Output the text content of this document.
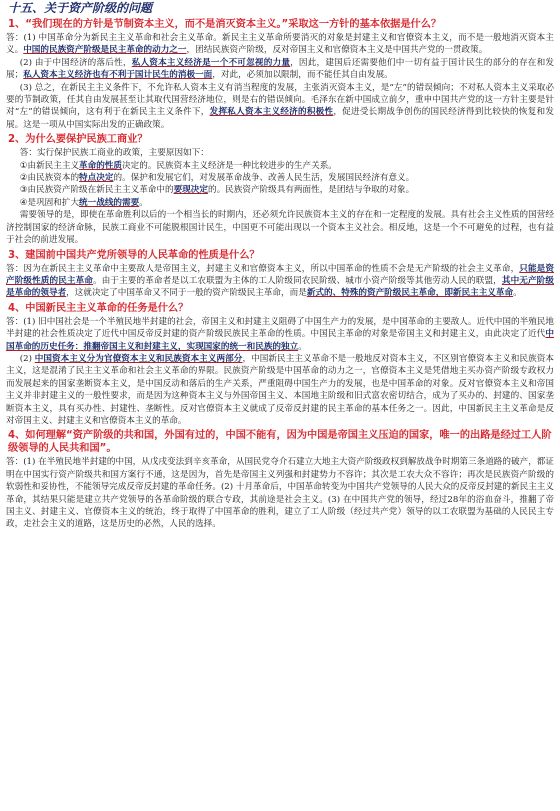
十五、关于资产阶级的问题
1、“我们现在的方针是节制资本主义，而不是消灭资本主义。”采取这一方针的基本依据是什么？

答：(1) 中国革命分为新民主主义革命和社会主义革命。新民主主义革命所要消灭的对象是封建主义和官僚资本主义，而不是一般地消灭资本主义。中国的民族资产阶级是民主革命的动力之一，团结民族资产阶级，反对帝国主义和官僚资本主义是中国共产党的一贯政策。

(2) 由于中国经济的落后性，私人资本主义经济是一个不可忽视的力量，因此，建国后还需要他们中一切有益于国计民生的部分的存在和发展；私人资本主义经济也有不利于国计民生的消极一面，对此，必须加以限制，而不能任其自由发展。

(3) 总之，在新民主主义条件下，不允许私人资本主义有消当程度的发展，主张消灭资本主义，是“左”的错误倾向；不对私人资本主义采取必要的节制政策，任其自由发展甚至让其取代国营经济地位，则是右的错误倾向。毛泽东在新中国成立前夕，重申中国共产党的这一方针主要是针对“左”的错误倾向，这有利于在新民主主义条件下，发挥私人资本主义经济的积极性，促进受长期战争创伤的国民经济得到比较快的恢复和发展。这是一项从中国实际出发的正确政策。

2、为什么要保护民族工商业？

答：实行保护民族工商业的政策，主要原因如下：

①由新民主主义革命的性质决定的。民族资本主义经济是一种比较进步的生产关系。

②由民族资本的特点决定的。保护和发展它们，对发展革命战争、改善人民生活，发展国民经济有意义。

③由民族资产阶级在新民主主义革命中的要现决定的。民族资产阶级具有两面性，是团结与争取的对象。

④是巩固和扩大统一战线的需要。

需要领导的是，即使在革命胜利以后的一个相当长的时期内，还必须允许民族资本主义的存在和一定程度的发展。具有社会主义性质的国营经济控制国家的经济命脉，民族工商业不可能脱根国计民生，中国更不可能出现以一个资本主义社会。相反地，这是一个不可避免的过程，也有益于社会的前进发展。

3、建国前中国共产党所领导的人民革命的性质是什么？

答：因为在新民主主义革命中主要敌人是帝国主义，封建主义和官僚资本主义，所以中国革命的性质不会是无产阶级的社会主义革命，只能是资产阶级性质的民主革命。由于主要的革命者是以工农联盟为主体的工人阶级同农民阶级、城市小资产阶级等其他劳动人民的联盟，其中无产阶级是革命的领导者，这就决定了中国革命又不同于一般的资产阶级民主革命，而是新式的、特殊的资产阶级民主革命，即新民主主义革命。

4、中国新民主主义革命的任务是什么？

答：(1) 旧中国社会是一个半殖民地半封建的社会，帝国主义和封建主义阻碍了中国生产力的发展，是中国革命的主要敌人。近代中国的半殖民地半封建的社会性质决定了近代中国反帝反封建的资产阶级民族民主革命的性质。中国民主革命的对象是帝国主义和封建主义，由此决定了近代中国革命的历史任务：推翻帝国主义和封建主义，实现国家的统一和民族的独立。

(2) 中国资本主义分为官僚资本主义和民族资本主义两部分，中国新民主主义革命不是一般地反对资本主义，不区别官僚资本主义和民族资本主义，这是混淆了民主主义革命和社会主义革命的界限。民族资产阶级是中国革命的动力之一，官僚资本主义是凭借地主买办资产阶级专政权力而发展起来的国家垄断资本主义，是中国反动和落后的生产关系，严重阻碍中国生产力的发展，也是中国革命的对象。反对官僚资本主义和帝国主义并非封建主义的一般性要求，而是因为这种资本主义与外国帝国主义、本国地主阶级和旧式富农密切结合，成为了买办的、封建的、国家垄断资本主义，具有买办性、封建性、垄断性。反对官僚资本主义就成了反帝反封建的民主革命的基本任务之一。因此，中国新民主主义革命是反对帝国主义、封建主义和官僚资本主义的革命。

4、如何理解“资产阶级的共和国，外国有过的，中国不能有，因为中国是帝国主义压迫的国家，唯一的出路是经过工人阶级领导的人民共和国”。

答：(1) 在半殖民地半封建的中国，从戊戌变法到辛亥革命，从国民党夺介石建立大地主大资产阶级政权到解放战争时期第三条道路的破产，都证明在中国实行资产阶级共和国方案行不通，这是因为，首先是帝国主义列强和封建势力不容许；其次是工农大众不容许；再次是民族资产阶级的软弱性和妥协性，不能领导完成反帝反封建的革命任务。(2) 十月革命后，中国革命转变为中国共产党领导的人民大众的反帝反封建的新民主主义革命，其结果只能是建立共产党领导的各革命阶级的联合专政，其前途是社会主义。(3) 在中国共产党的领导，经过28年的浴血奋斗，推翻了帝国主义、封建主义、官僚资本主义的统治，终于取得了中国革命的胜利，建立了工人阶级（经过共产党）领导的以工农联盟为基础的人民民主专政，走社会主义的道路，这是历史的必然，人民的选择。
